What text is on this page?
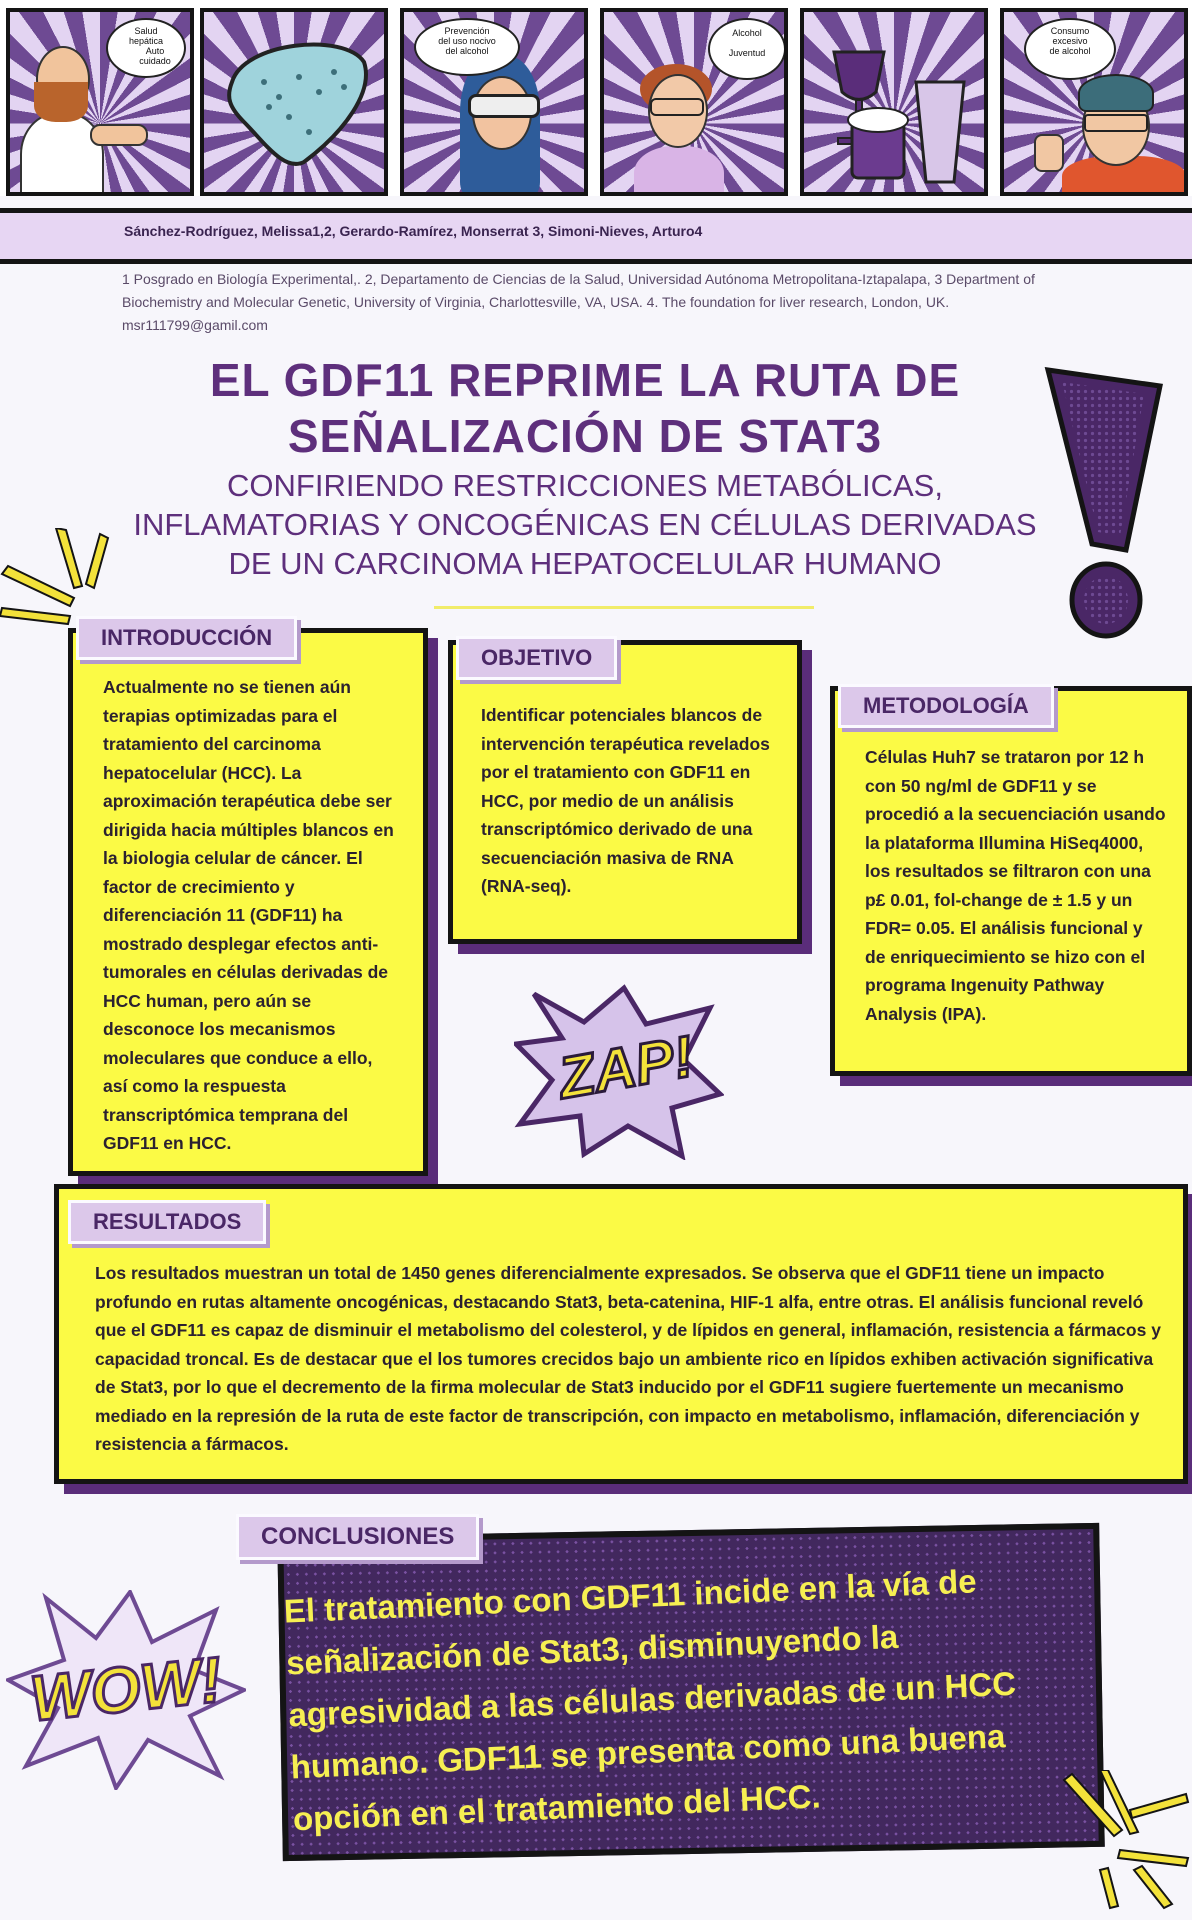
Salud
hepática
Auto
cuidado
Prevención
del uso nocivo
del alcohol
Alcohol
Juventud
Consumo
excesivo
de alcohol
Sánchez-Rodríguez, Melissa1,2, Gerardo-Ramírez, Monserrat 3, Simoni-Nieves, Arturo4
1 Posgrado en Biología Experimental,. 2, Departamento de Ciencias de la Salud, Universidad Autónoma Metropolitana-Iztapalapa, 3 Department of Biochemistry and Molecular Genetic, University of Virginia, Charlottesville, VA, USA. 4. The foundation for liver research, London, UK.
msr111799@gamil.com
EL GDF11 REPRIME LA RUTA DE
SEÑALIZACIÓN DE STAT3
CONFIRIENDO RESTRICCIONES METABÓLICAS,
INFLAMATORIAS Y ONCOGÉNICAS EN CÉLULAS DERIVADAS
DE UN CARCINOMA HEPATOCELULAR HUMANO

Actualmente no se tienen aún terapias optimizadas para el tratamiento del carcinoma hepatocelular (HCC). La aproximación terapéutica debe ser dirigida hacia múltiples blancos en la biologia celular de cáncer. El factor de crecimiento y diferenciación 11 (GDF11) ha mostrado desplegar efectos anti-tumorales en células derivadas de HCC human, pero aún se desconoce los mecanismos moleculares que conduce a ello, así como la respuesta transcriptómica temprana del GDF11 en HCC.

INTRODUCCIÓN

Identificar potenciales blancos de intervención terapéutica revelados por el tratamiento con GDF11 en HCC, por medio de un análisis transcriptómico derivado de una secuenciación masiva de RNA (RNA-seq).

OBJETIVO

Células Huh7 se trataron por 12 h con 50 ng/ml de GDF11 y se procedió a la secuenciación usando la plataforma Illumina HiSeq4000, los resultados se filtraron con una p£ 0.01, fol-change de ± 1.5 y un FDR= 0.05. El análisis funcional y de enriquecimiento se hizo con el programa Ingenuity Pathway Analysis (IPA).

METODOLOGÍA
ZAP!

Los resultados muestran un total de 1450 genes diferencialmente expresados. Se observa que el GDF11 tiene un impacto profundo en rutas altamente oncogénicas, destacando Stat3, beta-catenina, HIF-1 alfa, entre otras. El análisis funcional reveló que el GDF11 es capaz de disminuir el metabolismo del colesterol, y de lípidos en general, inflamación, resistencia a fármacos y capacidad troncal. Es de destacar que el los tumores crecidos bajo un ambiente rico en lípidos exhiben activación significativa de Stat3, por lo que el decremento de la firma molecular de Stat3 inducido por el GDF11 sugiere fuertemente un mecanismo mediado en la represión de la ruta de este factor de transcripción, con impacto en metabolismo, inflamación, diferenciación y resistencia a fármacos.

RESULTADOS

El tratamiento con GDF11 incide en la vía de señalización de Stat3, disminuyendo la agresividad a las células derivadas de un HCC humano. GDF11 se presenta como una buena opción en el tratamiento del HCC.

CONCLUSIONES
WOW!
